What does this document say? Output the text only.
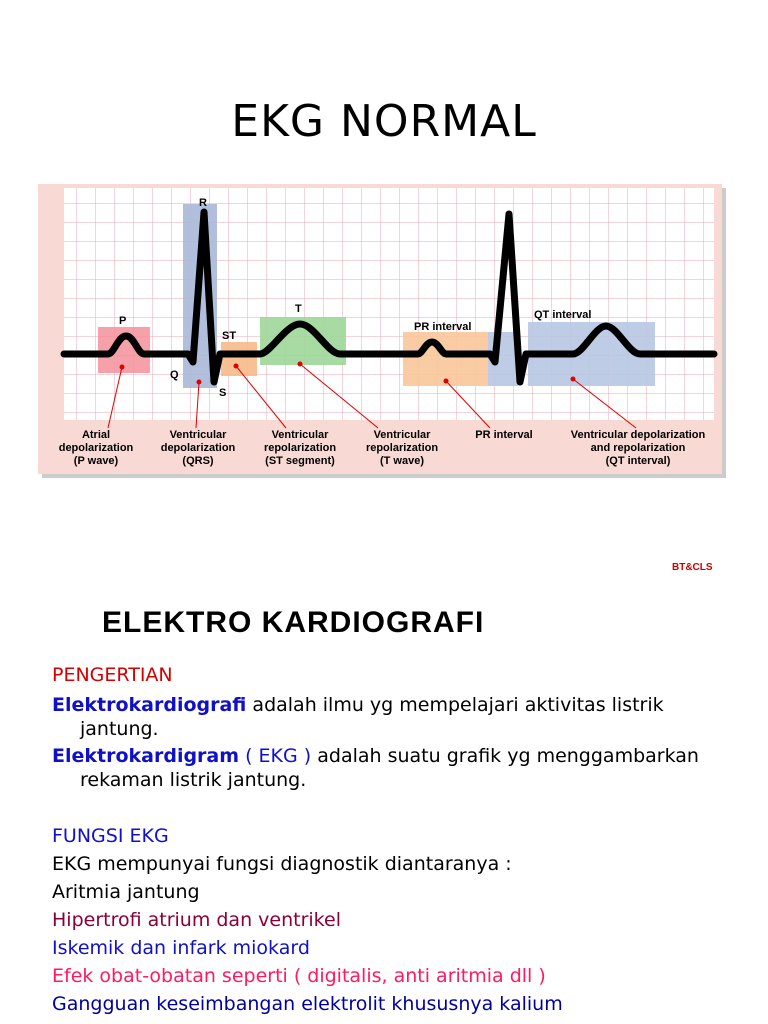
EKG NORMAL
P
R
Q
S
ST
T
PR interval
QT interval
Atrial
depolarization
(P wave)
Ventricular
depolarization
(QRS)
Ventricular
repolarization
(ST segment)
Ventricular
repolarization
(T wave)
PR interval	Ventricular depolarization
and repolarization
(QT interval)
BT&CLS
ELEKTRO KARDIOGRAFI
PENGERTIAN
Elektrokardiografi adalah ilmu yg mempelajari aktivitas listrik
jantung.
Elektrokardigram ( EKG ) adalah suatu grafik yg menggambarkan
rekaman listrik jantung.
FUNGSI EKG
EKG mempunyai fungsi diagnostik diantaranya :
Aritmia jantung
Hipertrofi atrium dan ventrikel
Iskemik dan infark miokard
Efek obat-obatan seperti ( digitalis, anti aritmia dll )
Gangguan keseimbangan elektrolit khususnya kalium
